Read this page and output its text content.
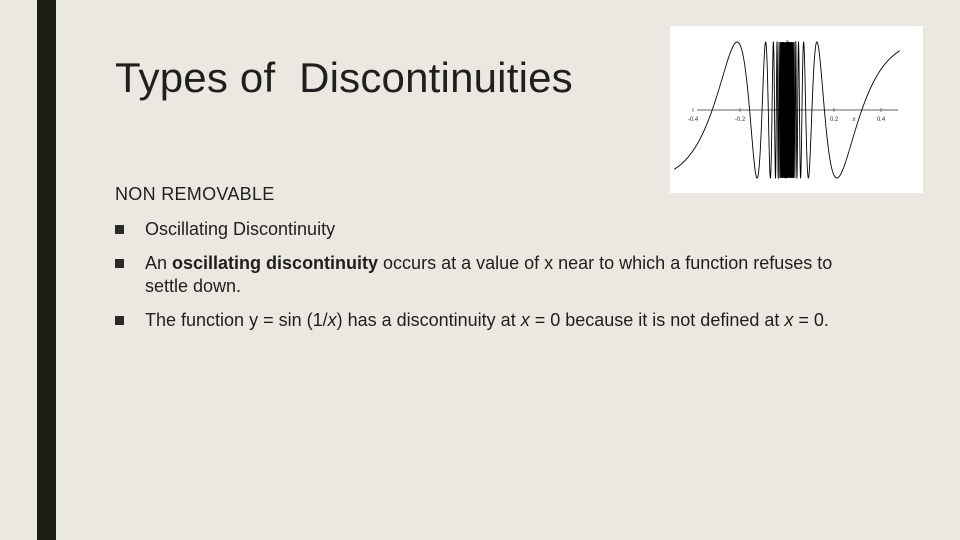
Types of  Discontinuities
-0.4	-0.2	0.2 x	0.4

NON REMOVABLE

Oscillating Discontinuity
An oscillating discontinuity occurs at a value of x near to which a function refuses to settle down.
The function y = sin (1/x) has a discontinuity at x = 0 because it is not defined at x = 0.
